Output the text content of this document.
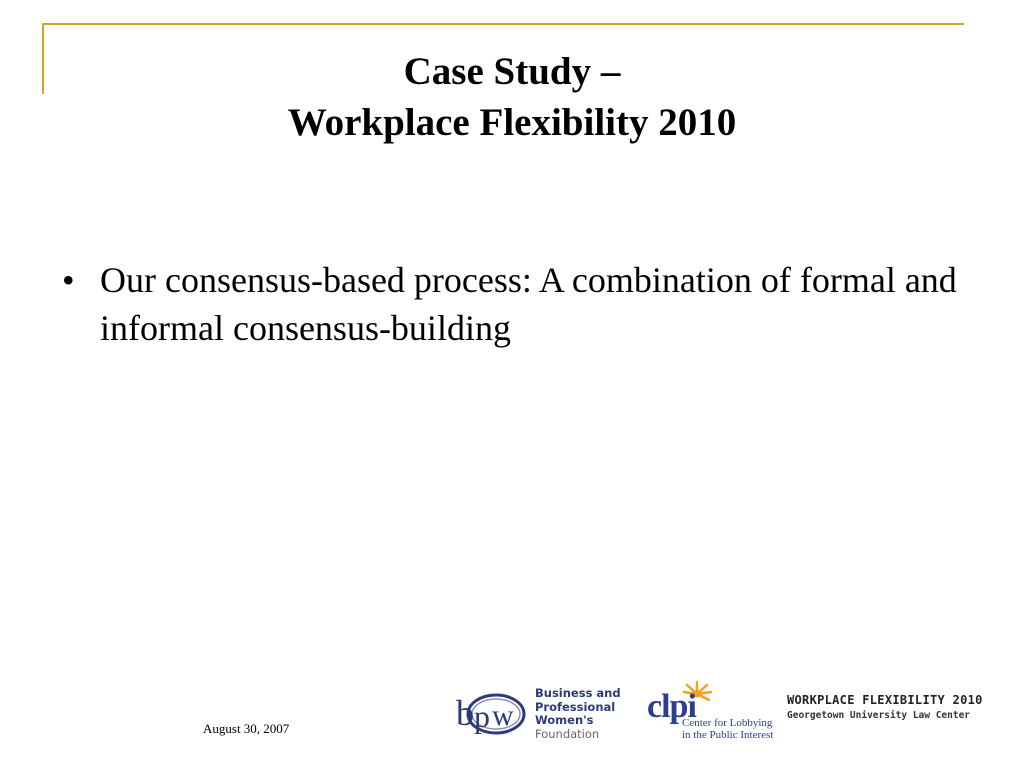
Case Study –
Workplace Flexibility 2010
• Our consensus-based process: A combination of formal and informal consensus-building
August 30, 2007	b p w
Business and
Professional
Women's
Foundation
clpi
Center for Lobbying
in the Public Interest
WORKPLACE FLEXIBILITY 2010
Georgetown University Law Center
